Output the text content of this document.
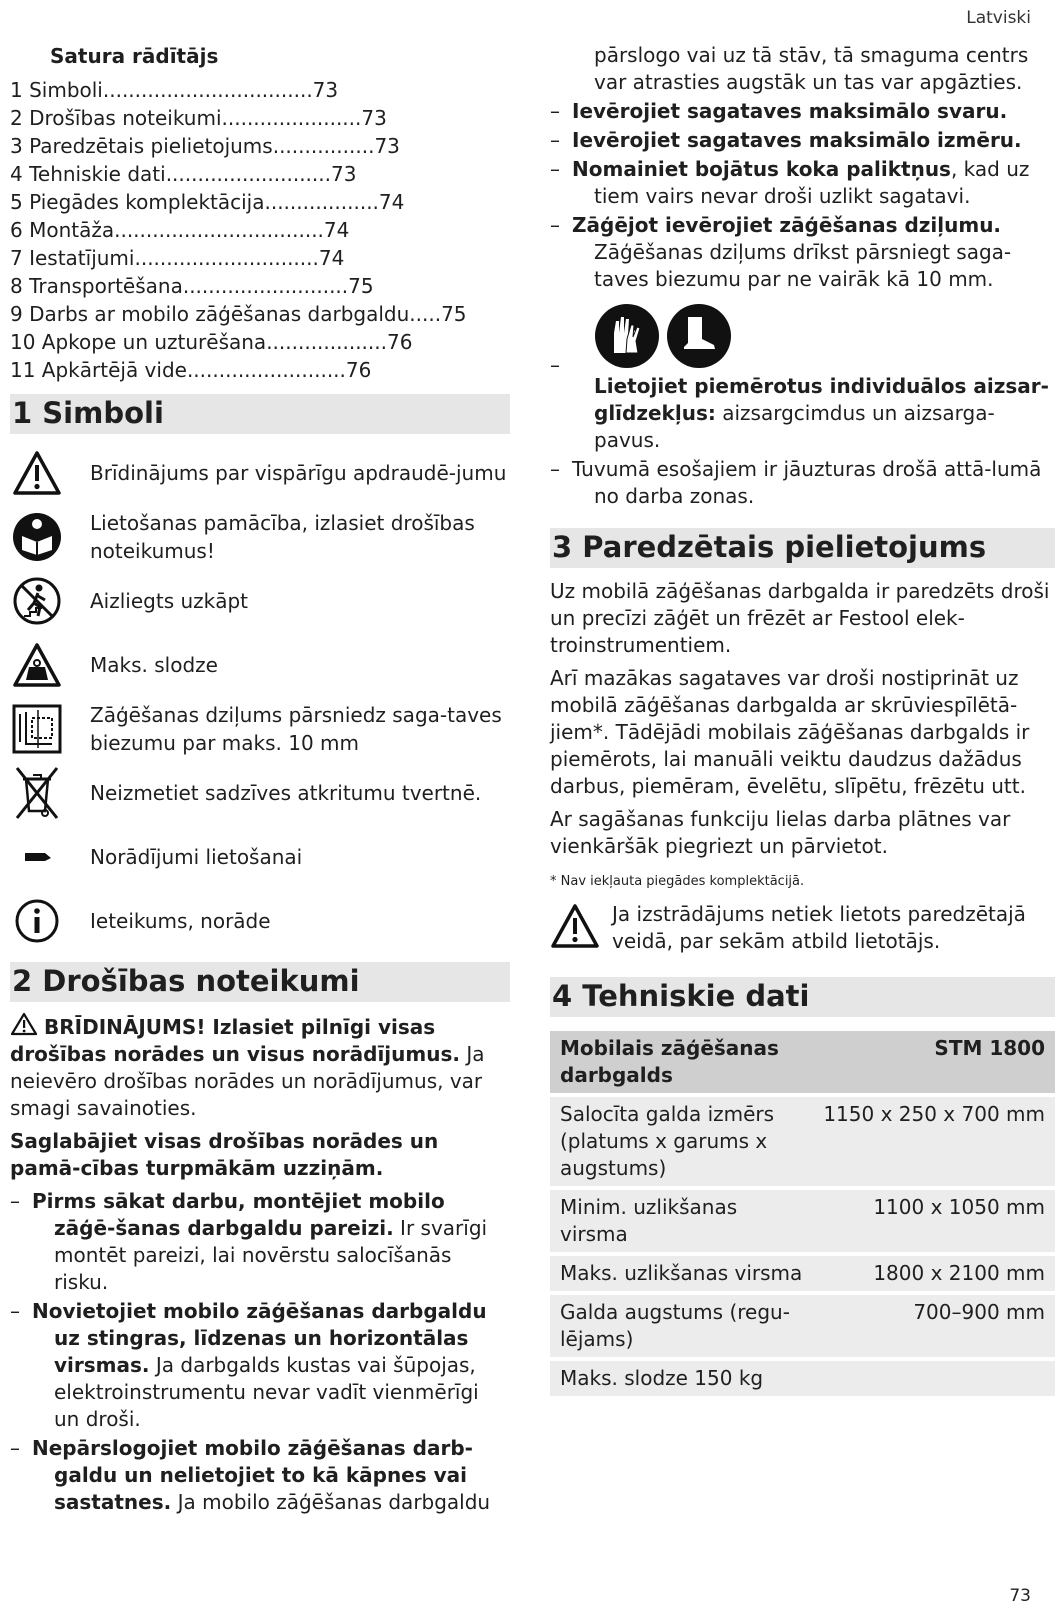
Latviski
Satura rādītājs
1 Simboli.................................73
2 Drošības noteikumi......................73
3 Paredzētais pielietojums................73
4 Tehniskie dati..........................73
5 Piegādes komplektācija..................74
6 Montāža.................................74
7 Iestatījumi.............................74
8 Transportēšana..........................75
9 Darbs ar mobilo zāģēšanas darbgaldu.....75
10 Apkope un uzturēšana...................76
11 Apkārtējā vide.........................76
1 Simboli
Brīdinājums par vispārīgu apdraudē-jumu
Lietošanas pamācība, izlasiet drošības noteikumus!
Aizliegts uzkāpt
Maks. slodze
Zāģēšanas dziļums pārsniedz saga-taves biezumu par maks. 10 mm
Neizmetiet sadzīves atkritumu tvertnē.
Norādījumi lietošanai
Ieteikums, norāde
2 Drošības noteikumi

BRĪDINĀJUMS! Izlasiet pilnīgi visas drošības norādes un visus norādījumus. Ja neievēro drošības norādes un norādījumus, var smagi savainoties.

Saglabājiet visas drošības norādes un pamā-cības turpmākām uzziņām.

– Pirms sākat darbu, montējiet mobilo zāģē-šanas darbgaldu pareizi. Ir svarīgi montēt pareizi, lai novērstu salocīšanās risku.
– Novietojiet mobilo zāģēšanas darbgaldu uz stingras, līdzenas un horizontālas virsmas. Ja darbgalds kustas vai šūpojas, elektroinstrumentu nevar vadīt vienmērīgi un droši.
– Nepārslogojiet mobilo zāģēšanas darb-galdu un nelietojiet to kā kāpnes vai sastatnes. Ja mobilo zāģēšanas darbgaldu
pārslogo vai uz tā stāv, tā smaguma centrs var atrasties augstāk un tas var apgāzties.
– Ievērojiet sagataves maksimālo svaru.
– Ievērojiet sagataves maksimālo izmēru.
– Nomainiet bojātus koka paliktņus, kad uz tiem vairs nevar droši uzlikt sagatavi.
– Zāģējot ievērojiet zāģēšanas dziļumu. Zāģēšanas dziļums drīkst pārsniegt saga-taves biezumu par ne vairāk kā 10 mm.
–
Lietojiet piemērotus individuālos aizsar-glīdzekļus: aizsargcimdus un aizsarga-pavus.
– Tuvumā esošajiem ir jāuzturas drošā attā-lumā no darba zonas.
3 Paredzētais pielietojums

Uz mobilā zāģēšanas darbgalda ir paredzēts droši un precīzi zāģēt un frēzēt ar Festool elek-troinstrumentiem.

Arī mazākas sagataves var droši nostiprināt uz mobilā zāģēšanas darbgalda ar skrūviespīlētā-jiem*. Tādējādi mobilais zāģēšanas darbgalds ir piemērots, lai manuāli veiktu daudzus dažādus darbus, piemēram, ēvelētu, slīpētu, frēzētu utt.

Ar sagāšanas funkciju lielas darba plātnes var vienkāršāk piegriezt un pārvietot.

* Nav iekļauta piegādes komplektācijā.

Ja izstrādājums netiek lietots paredzētajā veidā, par sekām atbild lietotājs.

4 Tehniskie dati
Mobilais zāģēšanas darbgalds	STM 1800
Salocīta galda izmērs (platums x garums x augstums)	1150 x 250 x 700 mm
Minim. uzlikšanas virsma	1100 x 1050 mm
Maks. uzlikšanas virsma	1800 x 2100 mm
Galda augstums (regu-lējams)	700–900 mm
Maks. slodze 150 kg	
73
